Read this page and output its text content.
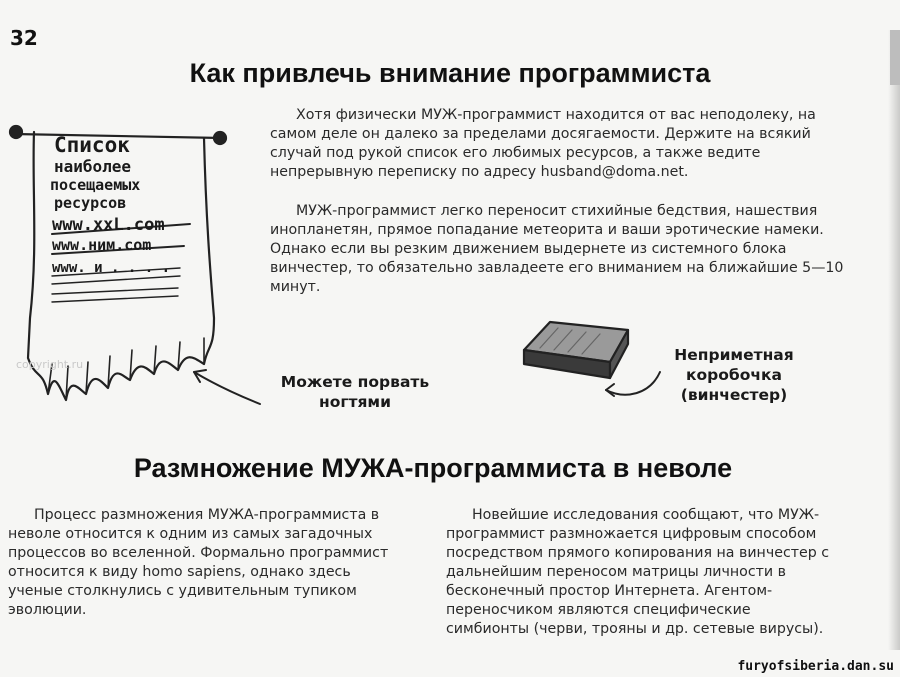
32
Как привлечь внимание программиста

Хотя физически МУЖ-программист находится от вас неподолеку, на самом деле он далеко за пределами досягаемости. Держите на всякий случай под рукой список его любимых ресурсов, а также ведите непрерывную переписку по адресу husband@doma.net.

МУЖ-программист легко переносит стихийные бедствия, нашествия инопланетян, прямое попадание метеорита и ваши эротические намеки. Однако если вы резким движением выдернете из системного блока винчестер, то обязательно завладеете его вниманием на ближайшие 5—10 минут.

Список
наиболее
посещаемых
ресурсов
www.xxL.com
www.ним.com
www. и . . . .
Можете порвать
ногтями
Неприметная
коробочка
(винчестер)
copyright.ru
Размножение МУЖА-программиста в неволе

Процесс размножения МУЖА-программиста в неволе относится к одним из самых загадочных процессов во вселенной. Формально программист относится к виду homo sapiens, однако здесь ученые столкнулись с удивительным тупиком эволюции.

Новейшие исследования сообщают, что МУЖ-программист размножается цифровым способом посредством прямого копирования на винчестер с дальнейшим переносом матрицы личности в бесконечный простор Интернета. Агентом-переносчиком являются специфические симбионты (черви, трояны и др. сетевые вирусы).

furyofsiberia.dan.su
